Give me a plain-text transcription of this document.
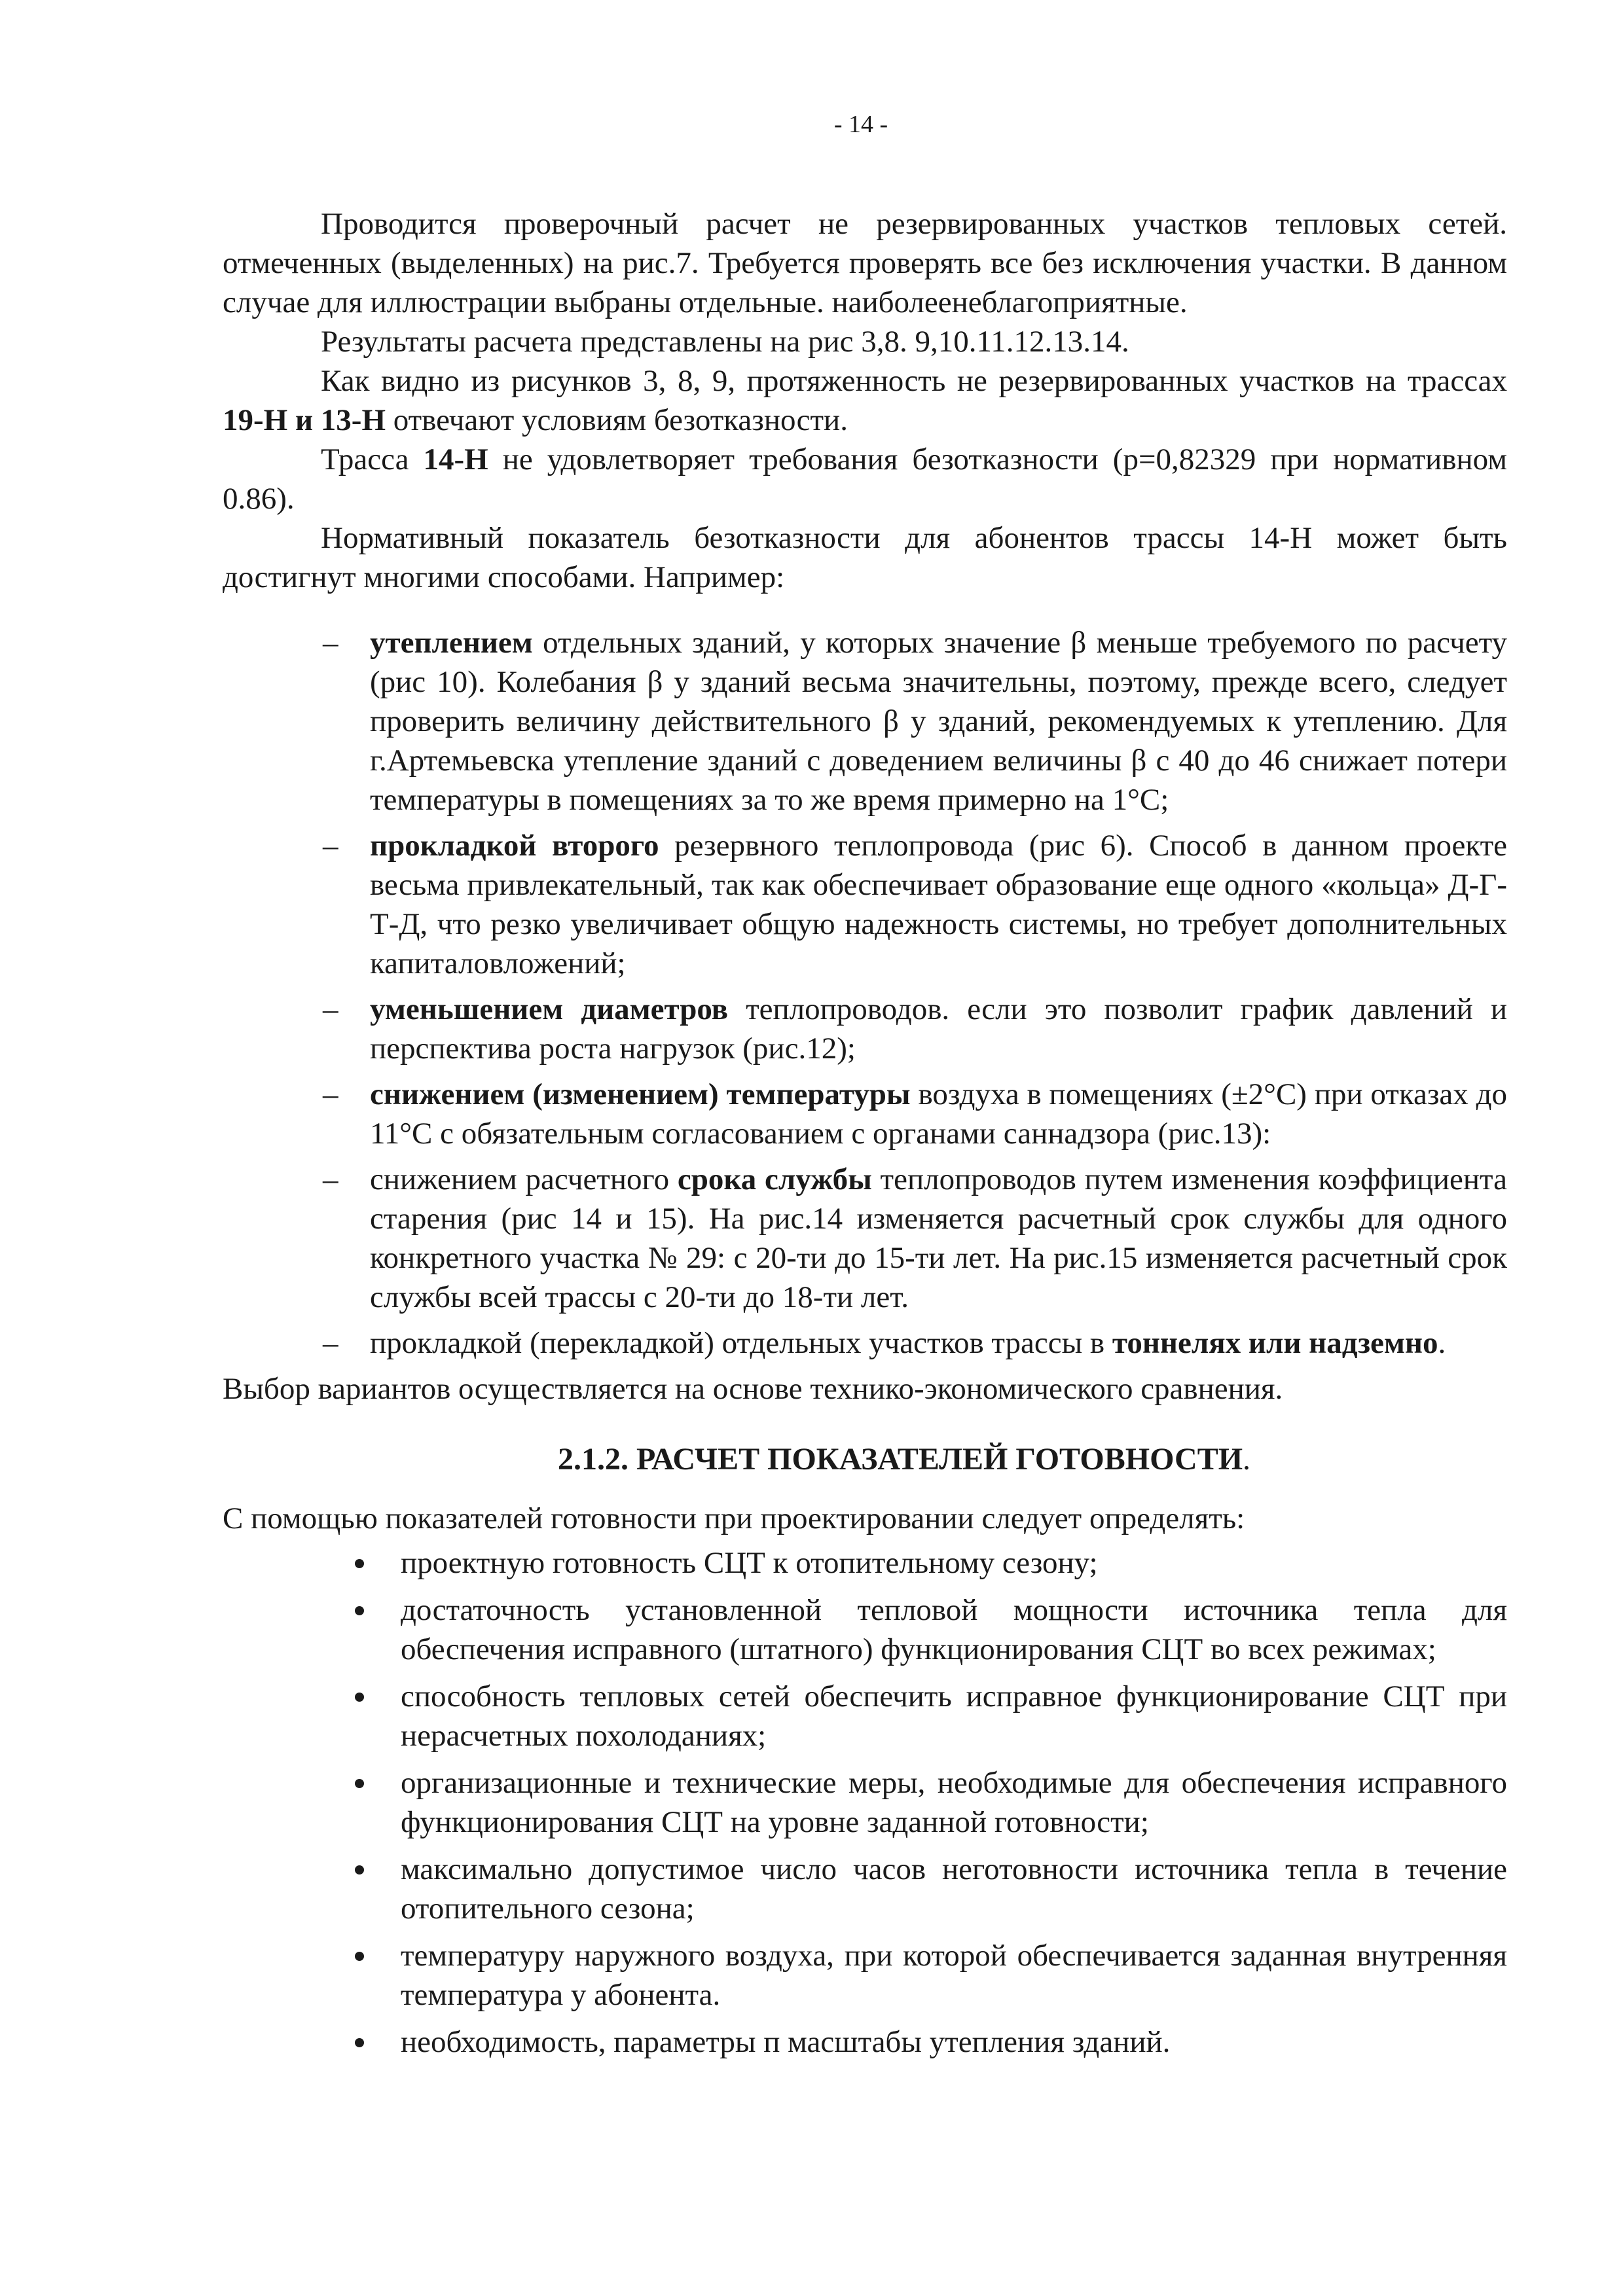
- 14 -

Проводится проверочный расчет не резервированных участков тепловых сетей. отмеченных (выделенных) на рис.7. Требуется проверять все без исключения участки. В данном случае для иллюстрации выбраны отдельные. наиболеенеблагоприятные.

Результаты расчета представлены на рис 3,8. 9,10.11.12.13.14.

Как видно из рисунков 3, 8, 9, протяженность не резервированных участков на трассах 19-Н и 13-Н отвечают условиям безотказности.

Трасса 14-Н не удовлетворяет требования безотказности (р=0,82329 при нормативном 0.86).

Нормативный показатель безотказности для абонентов трассы 14-Н может быть достигнут многими способами. Например:

– утеплением отдельных зданий, у которых значение β меньше требуемого по расчету (рис 10). Колебания β у зданий весьма значительны, поэтому, прежде всего, следует проверить величину действительного β у зданий, рекомендуемых к утеплению. Для г.Артемьевска утепление зданий с доведением величины β с 40 до 46 снижает потери температуры в помещениях за то же время примерно на 1°С;
– прокладкой второго резервного теплопровода (рис 6). Способ в данном проекте весьма привлекательный, так как обеспечивает образование еще одного «кольца» Д-Г-Т-Д, что резко увеличивает общую надежность системы, но требует дополнительных капиталовложений;
– уменьшением диаметров теплопроводов. если это позволит график давлений и перспектива роста нагрузок (рис.12);
– снижением (изменением) температуры воздуха в помещениях (±2°С) при отказах до 11°С с обязательным согласованием с органами саннадзора (рис.13):
– снижением расчетного срока службы теплопроводов путем изменения коэффициента старения (рис 14 и 15). На рис.14 изменяется расчетный срок службы для одного конкретного участка № 29: с 20-ти до 15-ти лет. На рис.15 изменяется расчетный срок службы всей трассы с 20-ти до 18-ти лет.
– прокладкой (перекладкой) отдельных участков трассы в тоннелях или надземно.

Выбор вариантов осуществляется на основе технико-экономического сравнения.

2.1.2. РАСЧЕТ ПОКАЗАТЕЛЕЙ ГОТОВНОСТИ.

С помощью показателей готовности при проектировании следует определять:

проектную готовность СЦТ к отопительному сезону;
достаточность установленной тепловой мощности источника тепла для обеспечения исправного (штатного) функционирования СЦТ во всех режимах;
способность тепловых сетей обеспечить исправное функционирование СЦТ при нерасчетных похолоданиях;
организационные и технические меры, необходимые для обеспечения исправного функционирования СЦТ на уровне заданной готовности;
максимально допустимое число часов неготовности источника тепла в течение отопительного сезона;
температуру наружного воздуха, при которой обеспечивается заданная внутренняя температура у абонента.
необходимость, параметры п масштабы утепления зданий.
